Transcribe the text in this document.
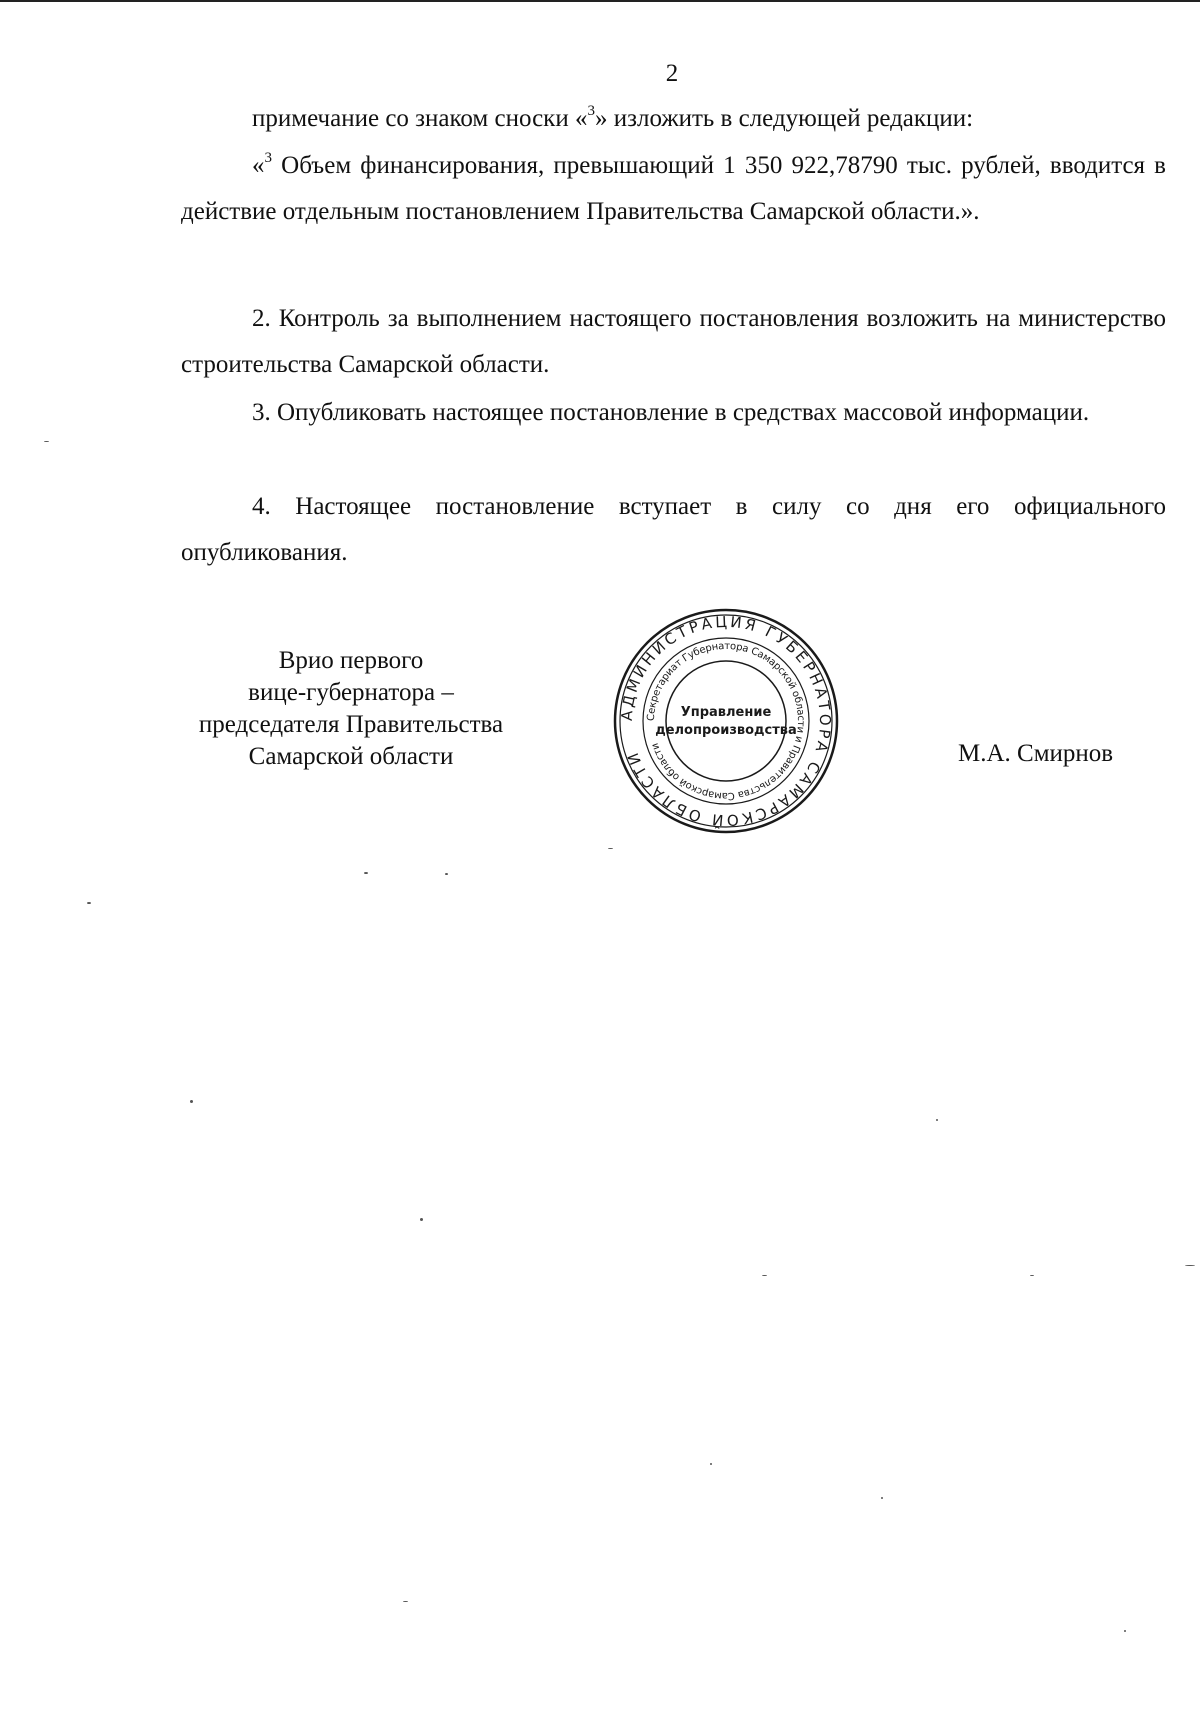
2

примечание со знаком сноски «$^3$» изложить в следующей редакции:

«$^3$ Объем финансирования, превышающий 1 350 922,78790 тыс. рублей, вводится в действие отдельным постановлением Правительства Самарской области.».

2. Контроль за выполнением настоящего постановления возложить на министерство строительства Самарской области.

3. Опубликовать настоящее постановление в средствах массовой информации.

4. Настоящее постановление вступает в силу со дня его официального опубликования.

Врио первого
вице-губернатора –
председателя Правительства
Самарской области	М.А. Смирнов
АДМИНИСТРАЦИЯ ГУБЕРНАТОРА САМАРСКОЙ ОБЛАСТИ
Секретариат Губернатора Самарской области и Правительства Самарской области
Управление
делопроизводства
